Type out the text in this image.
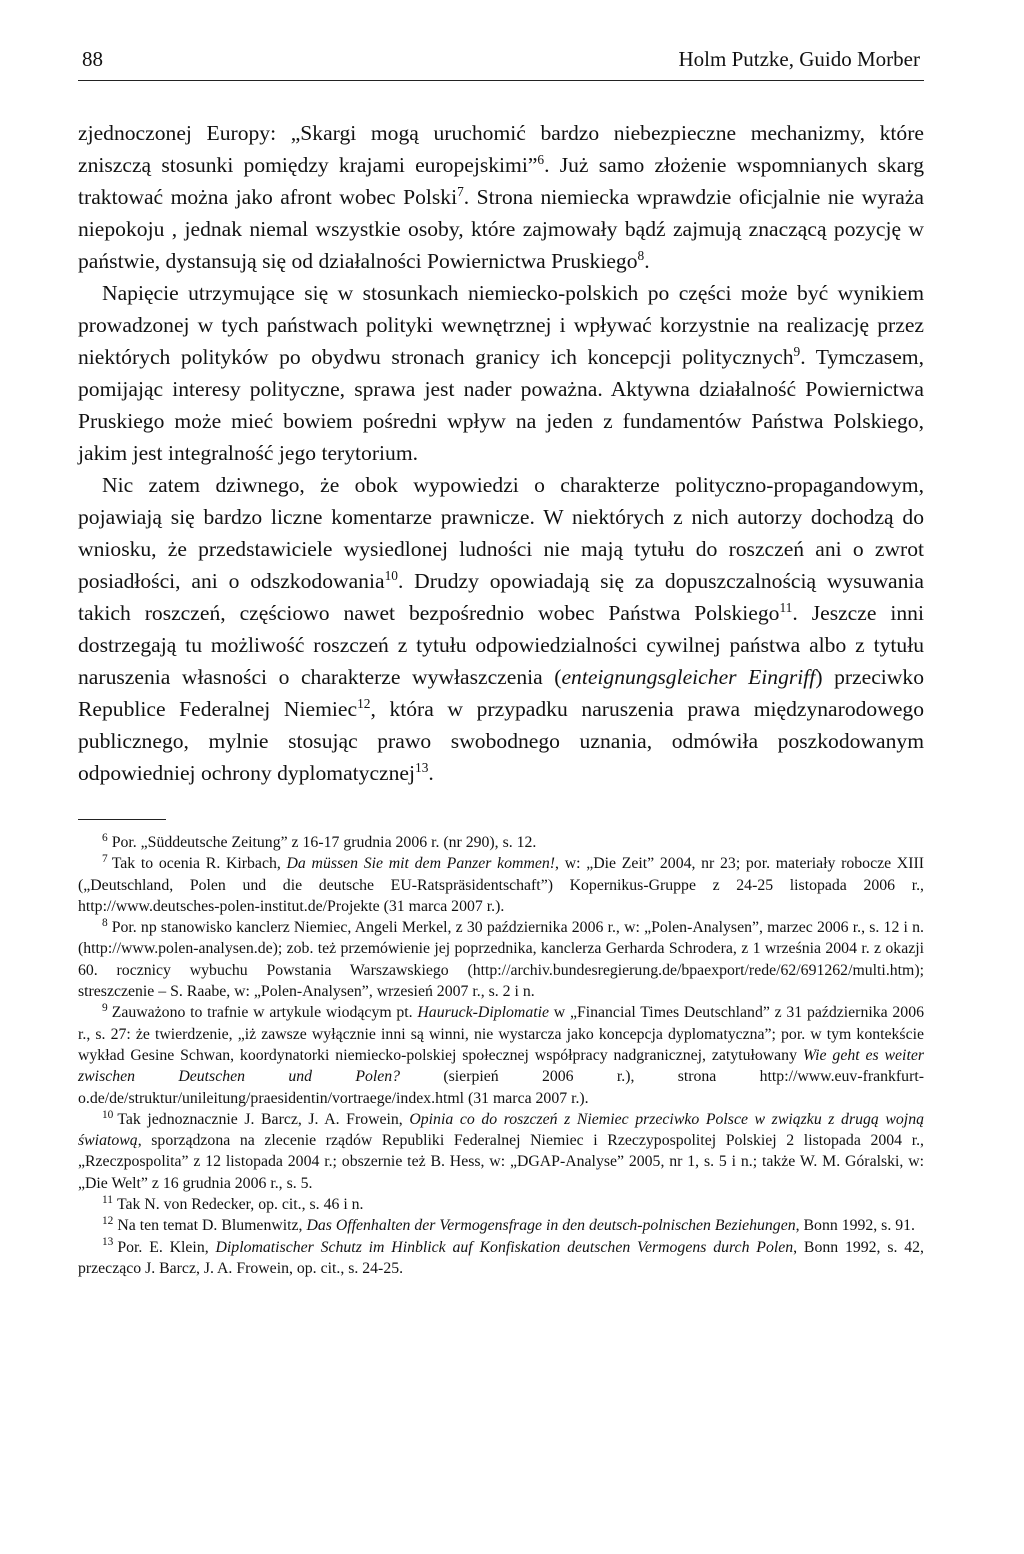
88	Holm Putzke, Guido Morber

zjednoczonej Europy: „Skargi mogą uruchomić bardzo niebezpieczne mechanizmy, które zniszczą stosunki pomiędzy krajami europejskimi”$^6$. Już samo złożenie wspomnianych skarg traktować można jako afront wobec Polski$^7$. Strona niemiecka wprawdzie oficjalnie nie wyraża niepokoju , jednak niemal wszystkie osoby, które zajmowały bądź zajmują znaczącą pozycję w państwie, dystansują się od działalności Powiernictwa Pruskiego$^8$.

Napięcie utrzymujące się w stosunkach niemiecko-polskich po części może być wynikiem prowadzonej w tych państwach polityki wewnętrznej i wpływać korzystnie na realizację przez niektórych polityków po obydwu stronach granicy ich koncepcji politycznych$^9$. Tymczasem, pomijając interesy polityczne, sprawa jest nader poważna. Aktywna działalność Powiernictwa Pruskiego może mieć bowiem pośredni wpływ na jeden z fundamentów Państwa Polskiego, jakim jest integralność jego terytorium.

Nic zatem dziwnego, że obok wypowiedzi o charakterze polityczno-propagandowym, pojawiają się bardzo liczne komentarze prawnicze. W niektórych z nich autorzy dochodzą do wniosku, że przedstawiciele wysiedlonej ludności nie mają tytułu do roszczeń ani o zwrot posiadłości, ani o odszkodowania$^{10}$. Drudzy opowiadają się za dopuszczalnością wysuwania takich roszczeń, częściowo nawet bezpośrednio wobec Państwa Polskiego$^{11}$. Jeszcze inni dostrzegają tu możliwość roszczeń z tytułu odpowiedzialności cywilnej państwa albo z tytułu naruszenia własności o charakterze wywłaszczenia (enteignungsgleicher Eingriff) przeciwko Republice Federalnej Niemiec$^{12}$, która w przypadku naruszenia prawa międzynarodowego publicznego, mylnie stosując prawo swobodnego uznania, odmówiła poszkodowanym odpowiedniej ochrony dyplomatycznej$^{13}$.

$^6$ Por. „Süddeutsche Zeitung” z 16-17 grudnia 2006 r. (nr 290), s. 12.

$^7$ Tak to ocenia R. Kirbach, Da müssen Sie mit dem Panzer kommen!, w: „Die Zeit” 2004, nr 23; por. materiały robocze XIII („Deutschland, Polen und die deutsche EU-Ratspräsidentschaft”) Kopernikus-Gruppe z 24-25 listopada 2006 r., http://www.deutsches-polen-institut.de/Projekte (31 marca 2007 r.).

$^8$ Por. np stanowisko kanclerz Niemiec, Angeli Merkel, z 30 października 2006 r., w: „Polen-Analysen”, marzec 2006 r., s. 12 i n. (http://www.polen-analysen.de); zob. też przemówienie jej poprzednika, kanclerza Gerharda Schrodera, z 1 września 2004 r. z okazji 60. rocznicy wybuchu Powstania Warszawskiego (http://archiv.bundesregierung.de/bpaexport/rede/62/691262/multi.htm); streszczenie – S. Raabe, w: „Polen-Analysen”, wrzesień 2007 r., s. 2 i n.

$^9$ Zauważono to trafnie w artykule wiodącym pt. Hauruck-Diplomatie w „Financial Times Deutschland” z 31 października 2006 r., s. 27: że twierdzenie, „iż zawsze wyłącznie inni są winni, nie wystarcza jako koncepcja dyplomatyczna”; por. w tym kontekście wykład Gesine Schwan, koordynatorki niemiecko-polskiej społecznej współpracy nadgranicznej, zatytułowany Wie geht es weiter zwischen Deutschen und Polen? (sierpień 2006 r.), strona http://www.euv-frankfurt-o.de/de/struktur/unileitung/praesidentin/vortraege/index.html (31 marca 2007 r.).

$^{10}$ Tak jednoznacznie J. Barcz, J. A. Frowein, Opinia co do roszczeń z Niemiec przeciwko Polsce w związku z drugą wojną światową, sporządzona na zlecenie rządów Republiki Federalnej Niemiec i Rzeczypospolitej Polskiej 2 listopada 2004 r., „Rzeczpospolita” z 12 listopada 2004 r.; obszernie też B. Hess, w: „DGAP-Analyse” 2005, nr 1, s. 5 i n.; także W. M. Góralski, w: „Die Welt” z 16 grudnia 2006 r., s. 5.

$^{11}$ Tak N. von Redecker, op. cit., s. 46 i n.

$^{12}$ Na ten temat D. Blumenwitz, Das Offenhalten der Vermogensfrage in den deutsch-polnischen Beziehungen, Bonn 1992, s. 91.

$^{13}$ Por. E. Klein, Diplomatischer Schutz im Hinblick auf Konfiskation deutschen Vermogens durch Polen, Bonn 1992, s. 42, przecząco J. Barcz, J. A. Frowein, op. cit., s. 24-25.
